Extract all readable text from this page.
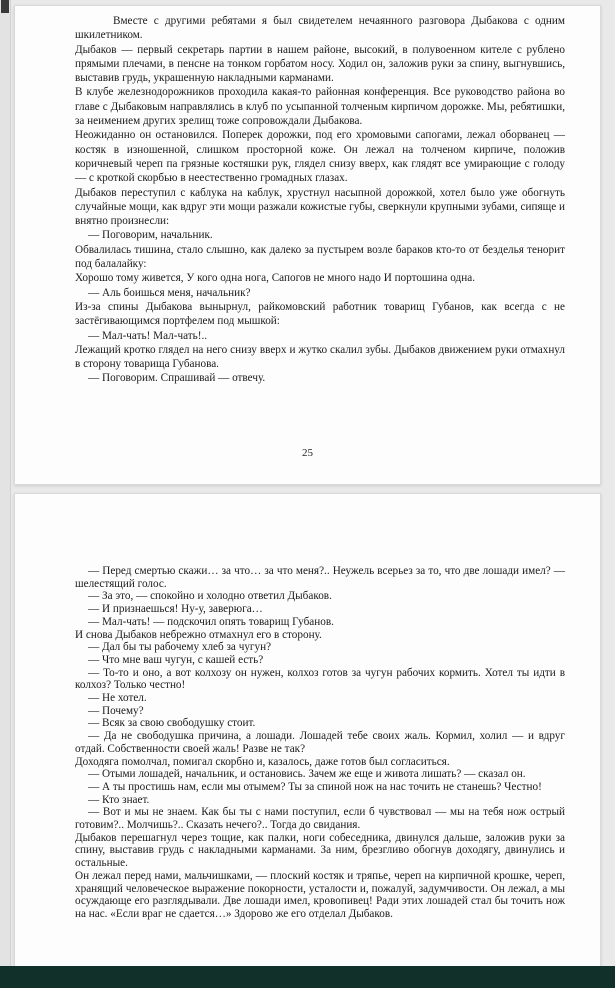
Вместе с другими ребятами я был свидетелем нечаянного разговора Дыбакова с одним шкилетником.
Дыбаков — первый секретарь партии в нашем районе, высокий, в полувоенном кителе с рублено прямыми плечами, в пенсне на тонком горбатом носу. Ходил он, заложив руки за спину, выгнувшись, выставив грудь, украшенную накладными карманами.
В клубе железнодорожников проходила какая-то районная конференция. Все руководство района во главе с Дыбаковым направлялись в клуб по усыпанной толченым кирпичом дорожке. Мы, ребятишки, за неимением других зрелищ тоже сопровождали Дыбакова.
Неожиданно он остановился. Поперек дорожки, под его хромовыми сапогами, лежал оборванец — костяк в изношенной, слишком просторной коже. Он лежал на толченом кирпиче, положив коричневый череп па грязные костяшки рук, глядел снизу вверх, как глядят все умирающие с голоду — с кроткой скорбью в неестественно громадных глазах.
Дыбаков переступил с каблука на каблук, хрустнул насыпной дорожкой, хотел было уже обогнуть случайные мощи, как вдруг эти мощи разжали кожистые губы, сверкнули крупными зубами, сипяще и внятно произнесли:
— Поговорим, начальник.
Обвалилась тишина, стало слышно, как далеко за пустырем возле бараков кто-то от безделья тенорит под балалайку:
Хорошо тому живется, У кого одна нога, Сапогов не много надо И портошина одна.
— Аль боишься меня, начальник?
Из-за спины Дыбакова вынырнул, райкомовский работник товарищ Губанов, как всегда с не застёгивающимся портфелем под мышкой:
— Мал-чать! Мал-чать!..
Лежащий кротко глядел на него снизу вверх и жутко скалил зубы. Дыбаков движением руки отмахнул в сторону товарища Губанова.
— Поговорим. Спрашивай — отвечу.
25
— Перед смертью скажи… за что… за что меня?.. Неужель всерьез за то, что две лошади имел? — шелестящий голос.
— За это, — спокойно и холодно ответил Дыбаков.
— И признаешься! Ну-у, заверюга…
— Мал-чать! — подскочил опять товарищ Губанов.
И снова Дыбаков небрежно отмахнул его в сторону.
— Дал бы ты рабочему хлеб за чугун?
— Что мне ваш чугун, с кашей есть?
— То-то и оно, а вот колхозу он нужен, колхоз готов за чугун рабочих кормить. Хотел ты идти в колхоз? Только честно!
— Не хотел.
— Почему?
— Всяк за свою свободушку стоит.
— Да не свободушка причина, а лошади. Лошадей тебе своих жаль. Кормил, холил — и вдруг отдай. Собственности своей жаль! Разве не так?
Доходяга помолчал, помигал скорбно и, казалось, даже готов был согласиться.
— Отыми лошадей, начальник, и остановись. Зачем же еще и живота лишать? — сказал он.
— А ты простишь нам, если мы отымем? Ты за спиной нож на нас точить не станешь? Честно!
— Кто знает.
— Вот и мы не знаем. Как бы ты с нами поступил, если б чувствовал — мы на тебя нож острый готовим?.. Молчишь?.. Сказать нечего?.. Тогда до свидания.
Дыбаков перешагнул через тощие, как палки, ноги собеседника, двинулся дальше, заложив руки за спину, выставив грудь с накладными карманами. За ним, брезгливо обогнув доходягу, двинулись и остальные.
Он лежал перед нами, мальчишками, — плоский костяк и тряпье, череп на кирпичной крошке, череп, хранящий человеческое выражение покорности, усталости и, пожалуй, задумчивости. Он лежал, а мы осуждающе его разглядывали. Две лошади имел, кровопивец! Ради этих лошадей стал бы точить нож на нас. «Если враг не сдается…» Здорово же его отделал Дыбаков.
